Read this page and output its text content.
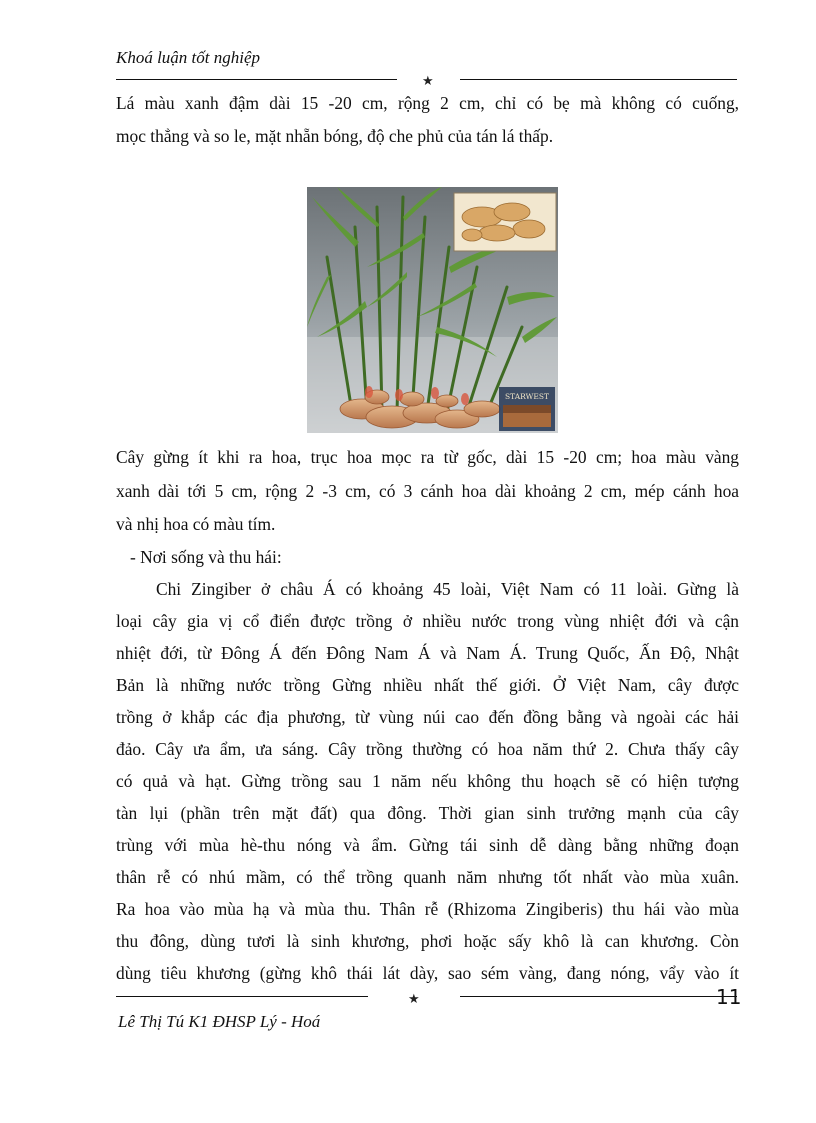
Khoá luận tốt nghiệp
★
Lá màu xanh đậm dài 15 -20 cm, rộng 2 cm, chỉ có bẹ mà không có cuống,
mọc thẳng và so le, mặt nhẵn bóng, độ che phủ của tán lá thấp.
STARWEST
Cây gừng ít khi ra hoa, trục hoa mọc ra từ gốc, dài 15 -20 cm; hoa màu vàng
xanh dài tới 5 cm, rộng 2 -3 cm, có 3 cánh hoa dài khoảng 2 cm, mép cánh hoa
và nhị hoa có màu tím.
- Nơi sống và thu hái:
Chi Zingiber ở châu Á có khoảng 45 loài, Việt Nam có 11 loài. Gừng là
loại cây gia vị cổ điển được trồng ở nhiều nước trong vùng nhiệt đới và cận
nhiệt đới, từ Đông Á đến Đông Nam Á và Nam Á. Trung Quốc, Ấn Độ, Nhật
Bản là những nước trồng Gừng nhiều nhất thế giới. Ở Việt Nam, cây được
trồng ở khắp các địa phương, từ vùng núi cao đến đồng bằng và ngoài các hải
đảo. Cây ưa ẩm, ưa sáng. Cây trồng thường có hoa năm thứ 2. Chưa thấy cây
có quả và hạt. Gừng trồng sau 1 năm nếu không thu hoạch sẽ có hiện tượng
tàn lụi (phần trên mặt đất) qua đông. Thời gian sinh trưởng mạnh của cây
trùng với mùa hè-thu nóng và ẩm. Gừng tái sinh dễ dàng bằng những đoạn
thân rễ có nhú mầm, có thể trồng quanh năm nhưng tốt nhất vào mùa xuân.
Ra hoa vào mùa hạ và mùa thu. Thân rễ (Rhizoma Zingiberis) thu hái vào mùa
thu đông, dùng tươi là sinh khương, phơi hoặc sấy khô là can khương. Còn
dùng tiêu khương (gừng khô thái lát dày, sao sém vàng, đang nóng, vẩy vào ít
★	11
Lê Thị Tú K1 ĐHSP Lý - Hoá
